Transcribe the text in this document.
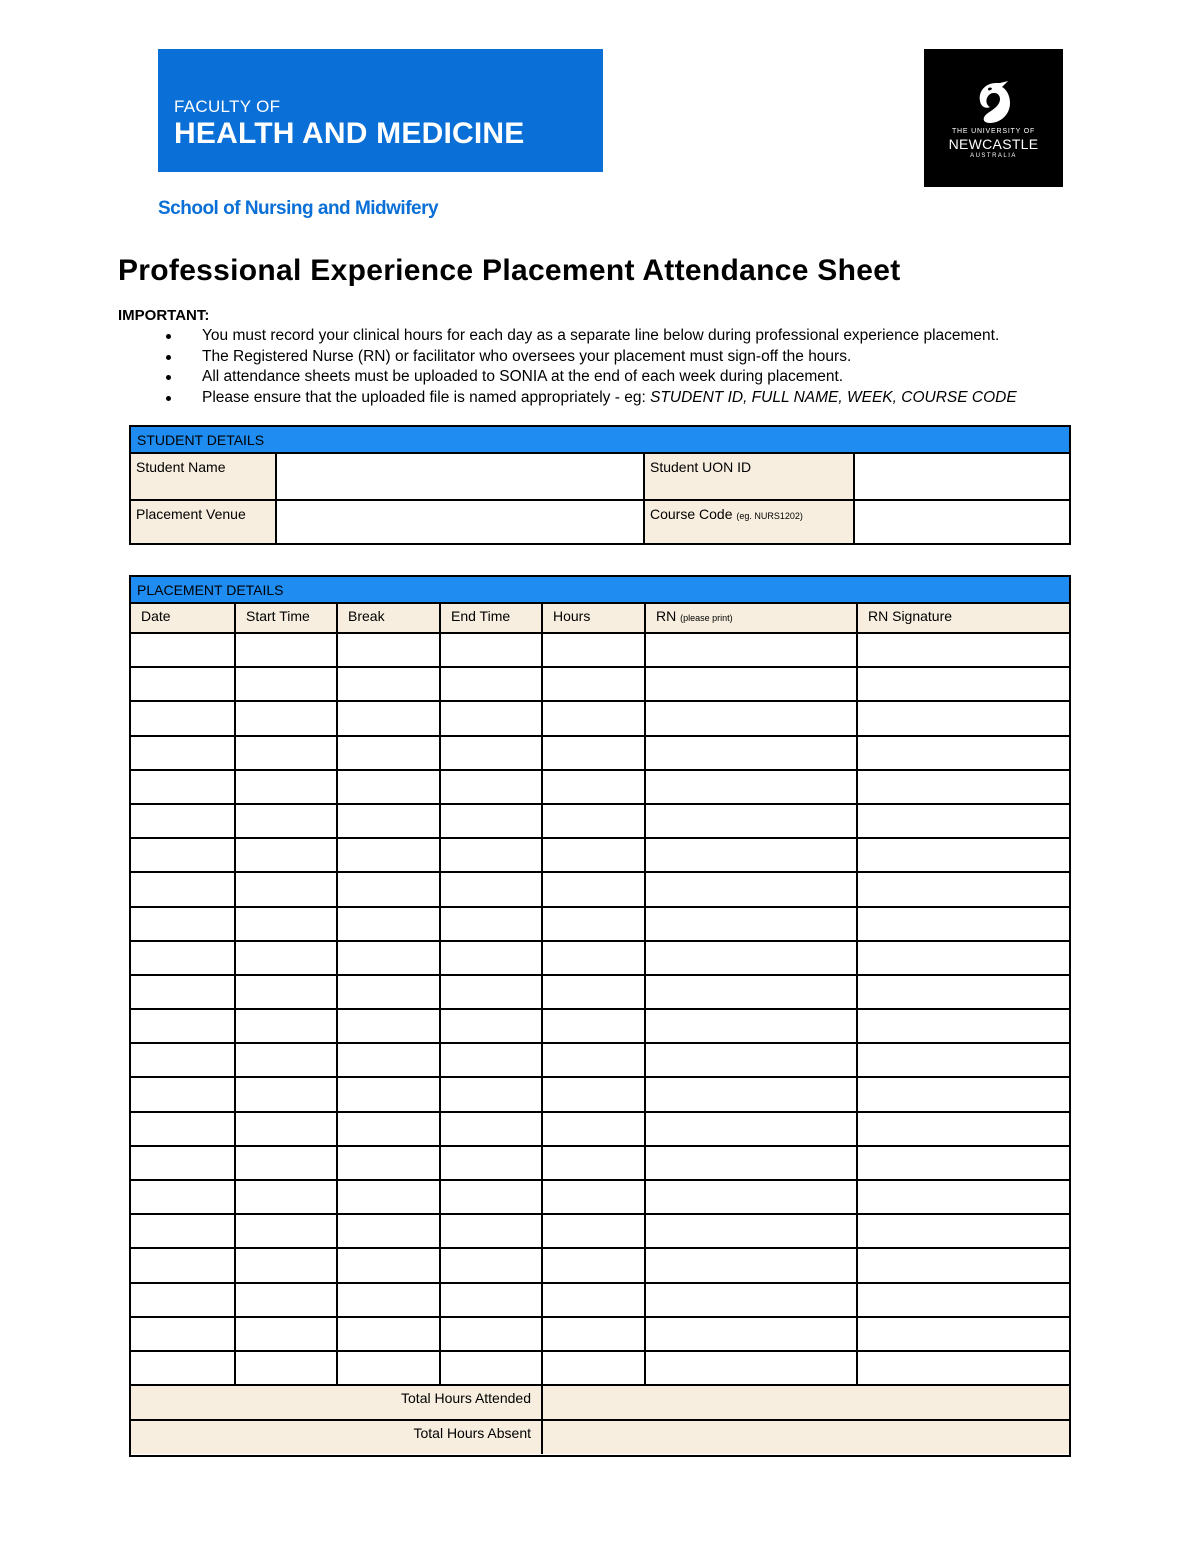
FACULTY OF
HEALTH AND MEDICINE	THE UNIVERSITY OF
NEWCASTLE
AUSTRALIA
School of Nursing and Midwifery
Professional Experience Placement Attendance Sheet
IMPORTANT:
You must record your clinical hours for each day as a separate line below during professional experience placement.
The Registered Nurse (RN) or facilitator who oversees your placement must sign-off the hours.
All attendance sheets must be uploaded to SONIA at the end of each week during placement.
Please ensure that the uploaded file is named appropriately - eg: STUDENT ID, FULL NAME, WEEK, COURSE CODE
STUDENT DETAILS
Student Name	Student UON ID
Placement Venue	Course Code (eg. NURS1202)
PLACEMENT DETAILS
Date	Start Time	Break	End Time	Hours	RN (please print)	RN Signature

Total Hours Attended						
Total Hours Absent						
